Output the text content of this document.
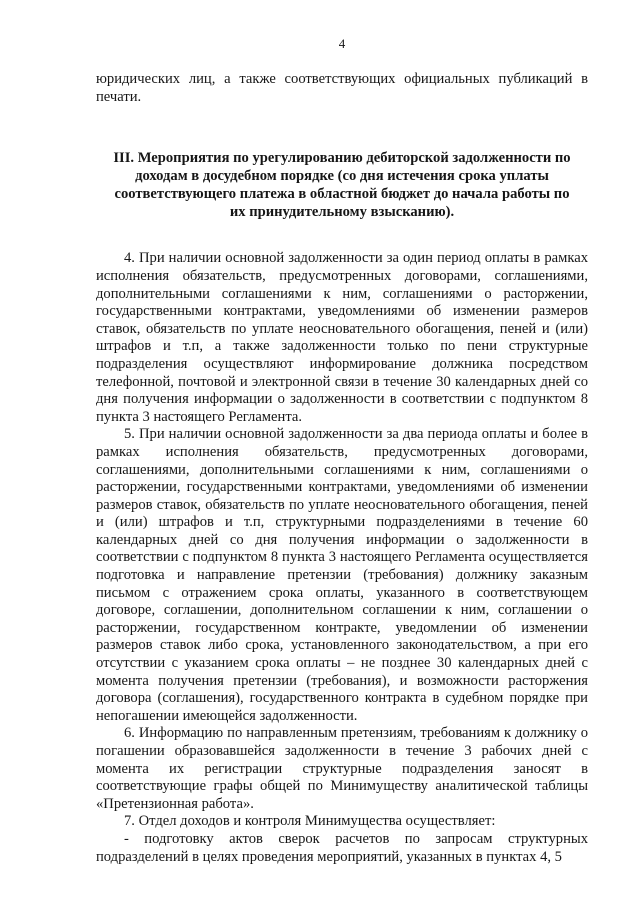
4

юридических лиц, а также соответствующих официальных публикаций в печати.

III. Мероприятия по урегулированию дебиторской задолженности по доходам в досудебном порядке (со дня истечения срока уплаты соответствующего платежа в областной бюджет до начала работы по их принудительному взысканию).

4. При наличии основной задолженности за один период оплаты в рамках исполнения обязательств, предусмотренных договорами, соглашениями, дополнительными соглашениями к ним, соглашениями о расторжении, государственными контрактами, уведомлениями об изменении размеров ставок, обязательств по уплате неосновательного обогащения, пеней и (или) штрафов и т.п, а также задолженности только по пени структурные подразделения осуществляют информирование должника посредством телефонной, почтовой и электронной связи в течение 30 календарных дней со дня получения информации о задолженности в соответствии с подпунктом 8 пункта 3 настоящего Регламента.

5. При наличии основной задолженности за два периода оплаты и более в рамках исполнения обязательств, предусмотренных договорами, соглашениями, дополнительными соглашениями к ним, соглашениями о расторжении, государственными контрактами, уведомлениями об изменении размеров ставок, обязательств по уплате неосновательного обогащения, пеней и (или) штрафов и т.п, структурными подразделениями в течение 60 календарных дней со дня получения информации о задолженности в соответствии с подпунктом 8 пункта 3 настоящего Регламента осуществляется подготовка и направление претензии (требования) должнику заказным письмом с отражением срока оплаты, указанного в соответствующем договоре, соглашении, дополнительном соглашении к ним, соглашении о расторжении, государственном контракте, уведомлении об изменении размеров ставок либо срока, установленного законодательством, а при его отсутствии с указанием срока оплаты – не позднее 30 календарных дней с момента получения претензии (требования), и возможности расторжения договора (соглашения), государственного контракта в судебном порядке при непогашении имеющейся задолженности.

6. Информацию по направленным претензиям, требованиям к должнику о погашении образовавшейся задолженности в течение 3 рабочих дней с момента их регистрации структурные подразделения заносят в соответствующие графы общей по Минимуществу аналитической таблицы «Претензионная работа».

7. Отдел доходов и контроля Минимущества осуществляет:

- подготовку актов сверок расчетов по запросам структурных подразделений в целях проведения мероприятий, указанных в пунктах 4, 5
